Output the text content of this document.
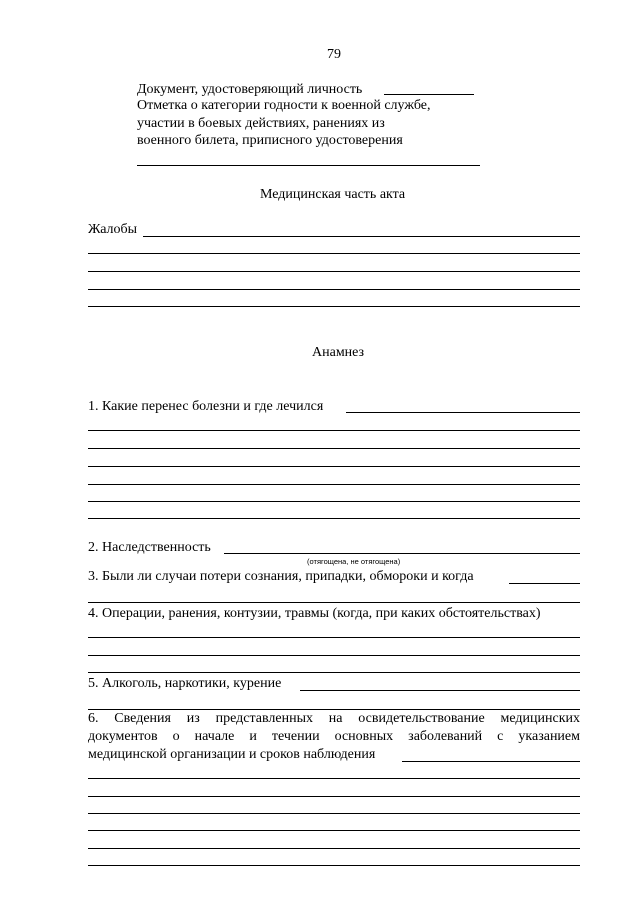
79
Документ, удостоверяющий личность
Отметка о категории годности к военной службе,
участии в боевых действиях, ранениях из
военного билета, приписного удостоверения
Медицинская часть акта
Жалобы
Анамнез
1. Какие перенес болезни и где лечился
2. Наследственность
(отягощена, не отягощена)
3. Были ли случаи потери сознания, припадки, обмороки и когда
4. Операции, ранения, контузии, травмы (когда, при каких обстоятельствах)
5. Алкоголь, наркотики, курение
6. Сведения из представленных на освидетельствование медицинских
документов о начале и течении основных заболеваний с указанием
медицинской организации и сроков наблюдения
